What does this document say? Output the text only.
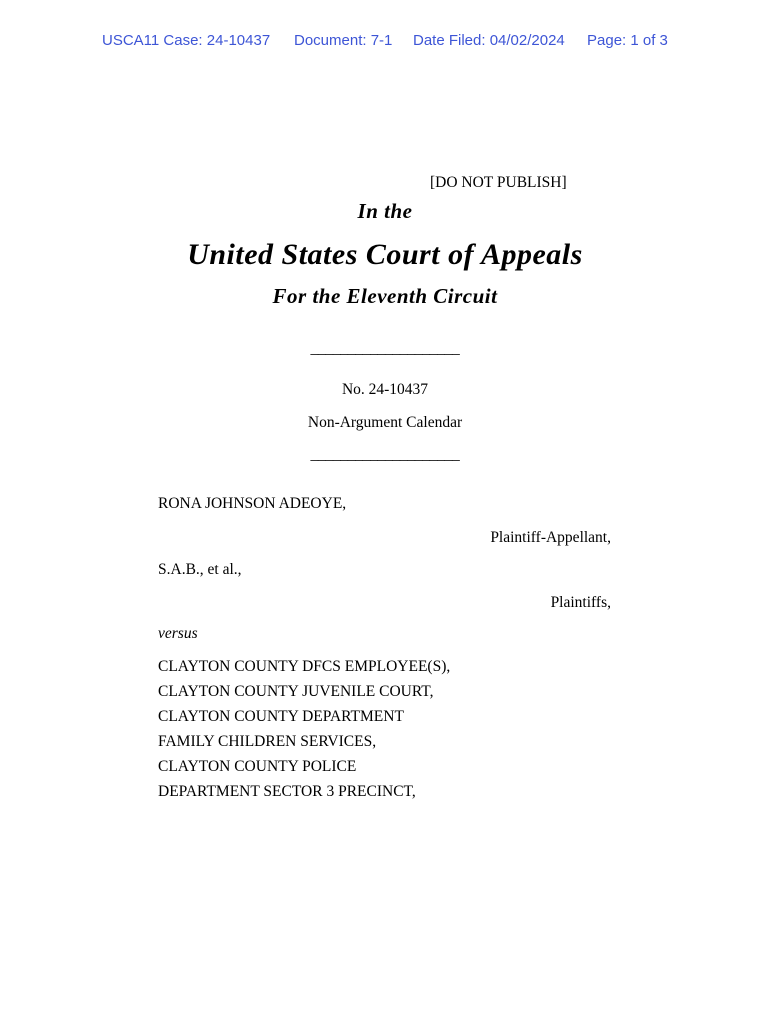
USCA11 Case: 24-10437 Document: 7-1 Date Filed: 04/02/2024 Page: 1 of 3
[DO NOT PUBLISH]
In the
United States Court of Appeals
For the Eleventh Circuit
____________________
No. 24-10437
Non-Argument Calendar
____________________
RONA JOHNSON ADEOYE,
Plaintiff-Appellant,
S.A.B., et al.,
Plaintiffs,
versus
CLAYTON COUNTY DFCS EMPLOYEE(S),
CLAYTON COUNTY JUVENILE COURT,
CLAYTON COUNTY DEPARTMENT
FAMILY CHILDREN SERVICES,
CLAYTON COUNTY POLICE
DEPARTMENT SECTOR 3 PRECINCT,
